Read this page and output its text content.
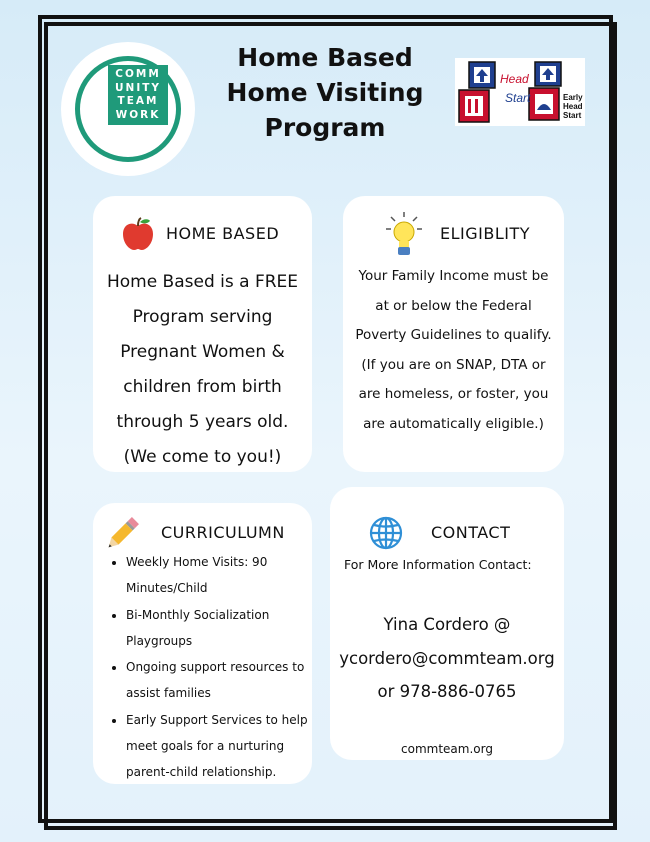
COMM
UNITY
TEAM
WORK
Home Based
Home Visiting
Program
Head
Start	Early
Head
Start
HOME BASED
Home Based is a FREE
Program serving
Pregnant Women &
children from birth
through 5 years old.
(We come to you!)
ELIGIBLITY
Your Family Income must be
at or below the Federal
Poverty Guidelines to qualify.
(If you are on SNAP, DTA or
are homeless, or foster, you
are automatically eligible.)
CURRICULUMN
• Weekly Home Visits: 90
Minutes/Child
• Bi-Monthly Socialization
Playgroups
• Ongoing support resources to
assist families
• Early Support Services to help
meet goals for a nurturing
parent-child relationship.
CONTACT
For More Information Contact:
Yina Cordero @
ycordero@commteam.org
or 978-886-0765
commteam.org
